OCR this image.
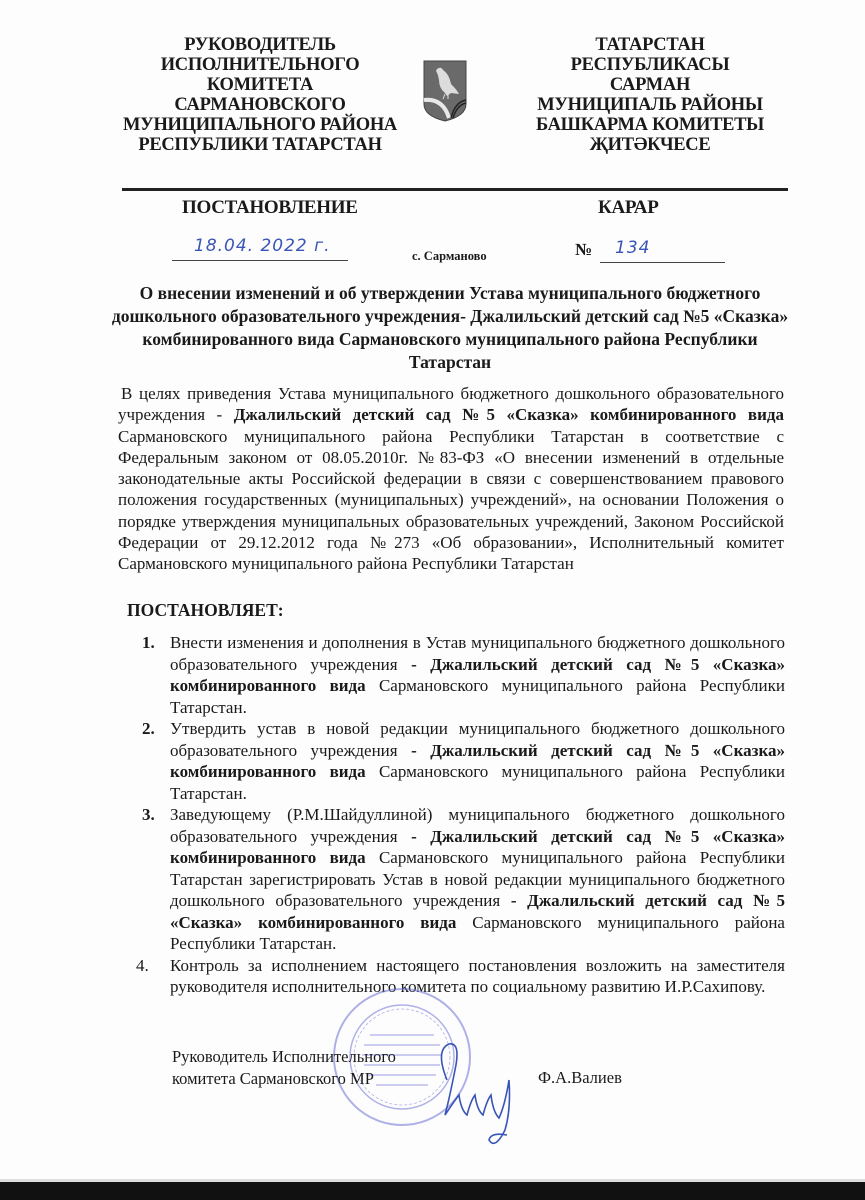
РУКОВОДИТЕЛЬ
ИСПОЛНИТЕЛЬНОГО КОМИТЕТА
САРМАНОВСКОГО
МУНИЦИПАЛЬНОГО РАЙОНА
РЕСПУБЛИКИ ТАТАРСТАН
ТАТАРСТАН РЕСПУБЛИКАСЫ
САРМАН
МУНИЦИПАЛЬ РАЙОНЫ
БАШКАРМА КОМИТЕТЫ
ҖИТӘКЧЕСЕ
ПОСТАНОВЛЕНИЕ	КАРАР
18.04. 2022 г.	с. Сарманово	№ 134
О внесении изменений и об утверждении Устава муниципального бюджетного дошкольного образовательного учреждения- Джалильский детский сад №5 «Сказка» комбинированного вида Сармановского муниципального района Республики Татарстан
В целях приведения Устава муниципального бюджетного дошкольного образовательного учреждения - Джалильский детский сад №5 «Сказка» комбинированного вида Сармановского муниципального района Республики Татарстан в соответствие с Федеральным законом от 08.05.2010г. №83-ФЗ «О внесении изменений в отдельные законодательные акты Российской федерации в связи с совершенствованием правового положения государственных (муниципальных) учреждений», на основании Положения о порядке утверждения муниципальных образовательных учреждений, Законом Российской Федерации от 29.12.2012 года №273 «Об образовании», Исполнительный комитет Сармановского муниципального района Республики Татарстан
ПОСТАНОВЛЯЕТ:
1. Внести изменения и дополнения в Устав муниципального бюджетного дошкольного образовательного учреждения - Джалильский детский сад №5 «Сказка» комбинированного вида Сармановского муниципального района Республики Татарстан.
2. Утвердить устав в новой редакции муниципального бюджетного дошкольного образовательного учреждения - Джалильский детский сад №5 «Сказка» комбинированного вида Сармановского муниципального района Республики Татарстан.
3. Заведующему (Р.М.Шайдуллиной) муниципального бюджетного дошкольного образовательного учреждения - Джалильский детский сад №5 «Сказка» комбинированного вида Сармановского муниципального района Республики Татарстан зарегистрировать Устав в новой редакции муниципального бюджетного дошкольного образовательного учреждения - Джалильский детский сад №5 «Сказка» комбинированного вида Сармановского муниципального района Республики Татарстан.
4. Контроль за исполнением настоящего постановления возложить на заместителя руководителя исполнительного комитета по социальному развитию И.Р.Сахипову.
Руководитель Исполнительного
комитета Сармановского МР	Ф.А.Валиев
